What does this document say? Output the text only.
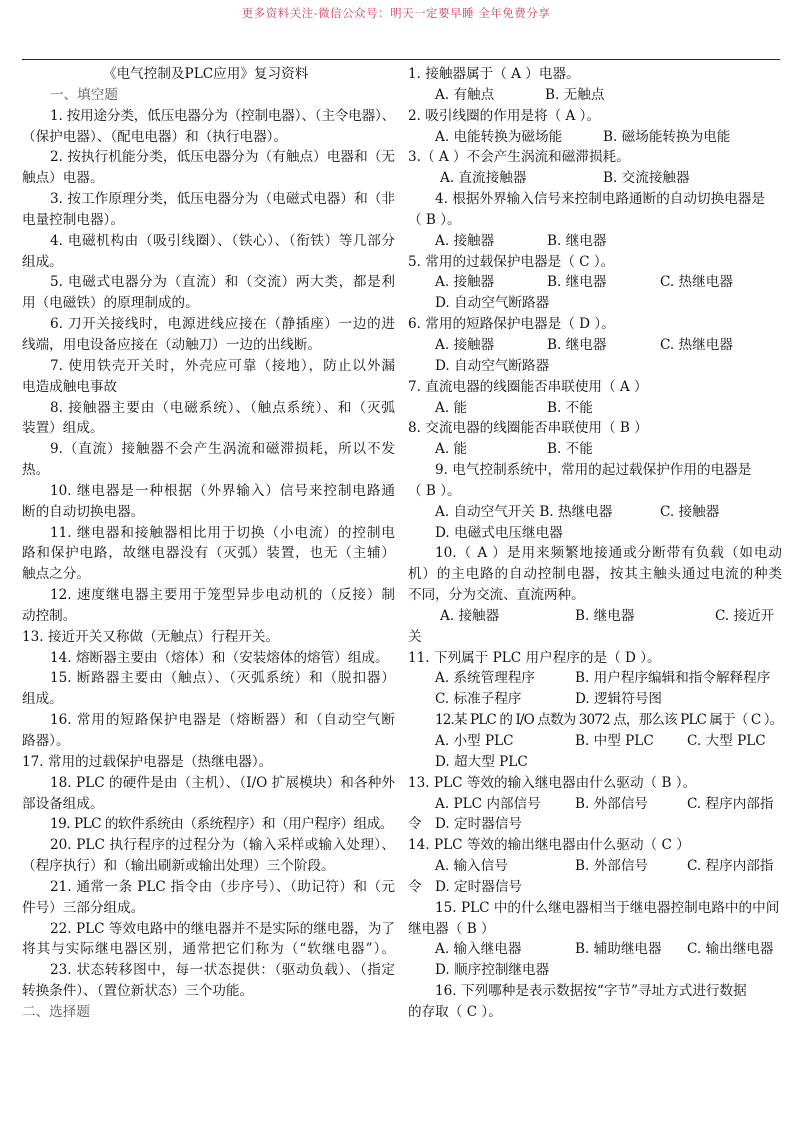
更多资料关注-微信公众号：明天一定要早睡 全年免费分享
《电气控制及PLC应用》复习资料
一、填空题
1. 按用途分类，低压电器分为（控制电器）、（主令电器）、
（保护电器）、（配电电器）和（执行电器）。
2. 按执行机能分类，低压电器分为（有触点）电器和（无
触点）电器。
3. 按工作原理分类，低压电器分为（电磁式电器）和（非
电量控制电器）。
4. 电磁机构由（吸引线圈）、（铁心）、（衔铁）等几部分
组成。
5. 电磁式电器分为（直流）和（交流）两大类，都是利
用（电磁铁）的原理制成的。
6. 刀开关接线时，电源进线应接在（静插座）一边的进
线端，用电设备应接在（动触刀）一边的出线断。
7. 使用铁壳开关时，外壳应可靠（接地），防止以外漏
电造成触电事故
8. 接触器主要由（电磁系统）、（触点系统）、和（灭弧
装置）组成。
9.（直流）接触器不会产生涡流和磁滞损耗，所以不发
热。
10. 继电器是一种根据（外界输入）信号来控制电路通
断的自动切换电器。
11. 继电器和接触器相比用于切换（小电流）的控制电
路和保护电路，故继电器没有（灭弧）装置，也无（主辅）
触点之分。
12. 速度继电器主要用于笼型异步电动机的（反接）制
动控制。
13. 接近开关又称做（无触点）行程开关。
14. 熔断器主要由（熔体）和（安装熔体的熔管）组成。
15. 断路器主要由（触点）、（灭弧系统）和（脱扣器）
组成。
16. 常用的短路保护电器是（熔断器）和（自动空气断
路器）。
17. 常用的过载保护电器是（热继电器）。
18. PLC 的硬件是由（主机）、（I/O 扩展模块）和各种外
部设备组成。
19. PLC 的软件系统由（系统程序）和（用户程序）组成。
20. PLC 执行程序的过程分为（输入采样或输入处理）、
（程序执行）和（输出刷新或输出处理）三个阶段。
21. 通常一条 PLC 指令由（步序号）、（助记符）和（元
件号）三部分组成。
22. PLC 等效电路中的继电器并不是实际的继电器，为了
将其与实际继电器区别，通常把它们称为（“软继电器”）。
23. 状态转移图中，每一状态提供：（驱动负载）、（指定
转换条件）、（置位新状态）三个功能。
二、选择题
1. 接触器属于（ A ）电器。
A. 有触点	B. 无触点
2. 吸引线圈的作用是将（ A ）。
A. 电能转换为磁场能	B. 磁场能转换为电能
3.（ A ）不会产生涡流和磁滞损耗。
A. 直流接触器	B. 交流接触器
4. 根据外界输入信号来控制电路通断的自动切换电器是
（ B ）。
A. 接触器	B. 继电器
5. 常用的过载保护电器是（ C ）。
A. 接触器	B. 继电器	C. 热继电器
D. 自动空气断路器
6. 常用的短路保护电器是（ D ）。
A. 接触器	B. 继电器	C. 热继电器
D. 自动空气断路器
7. 直流电器的线圈能否串联使用（ A ）
A. 能	B. 不能
8. 交流电器的线圈能否串联使用（ B ）
A. 能	B. 不能
9. 电气控制系统中，常用的起过载保护作用的电器是
（ B ）。
A. 自动空气开关 B. 热继电器	C. 接触器
D. 电磁式电压继电器
10.（ A ）是用来频繁地接通或分断带有负载（如电动
机）的主电路的自动控制电器，按其主触头通过电流的种类
不同，分为交流、直流两种。
A. 接触器	B. 继电器	C. 接近开
关
11. 下列属于 PLC 用户程序的是（ D ）。
A. 系统管理程序	B. 用户程序编辑和指令解释程序
C. 标准子程序	D. 逻辑符号图
12.某 PLC 的 I/O 点数为 3072 点，那么该 PLC 属于（ C ）。
A. 小型 PLC	B. 中型 PLC C. 大型 PLC
D. 超大型 PLC
13. PLC 等效的输入继电器由什么驱动（ B ）。
A. PLC 内部信号	B. 外部信号	C. 程序内部指
令 D. 定时器信号
14. PLC 等效的输出继电器由什么驱动（ C ）
A. 输入信号	B. 外部信号	C. 程序内部指
令 D. 定时器信号
15. PLC 中的什么继电器相当于继电器控制电路中的中间
继电器（ B ）
A. 输入继电器	B. 辅助继电器 C. 输出继电器
D. 顺序控制继电器
16. 下列哪种是表示数据按“字节”寻址方式进行数据
的存取（ C ）。
